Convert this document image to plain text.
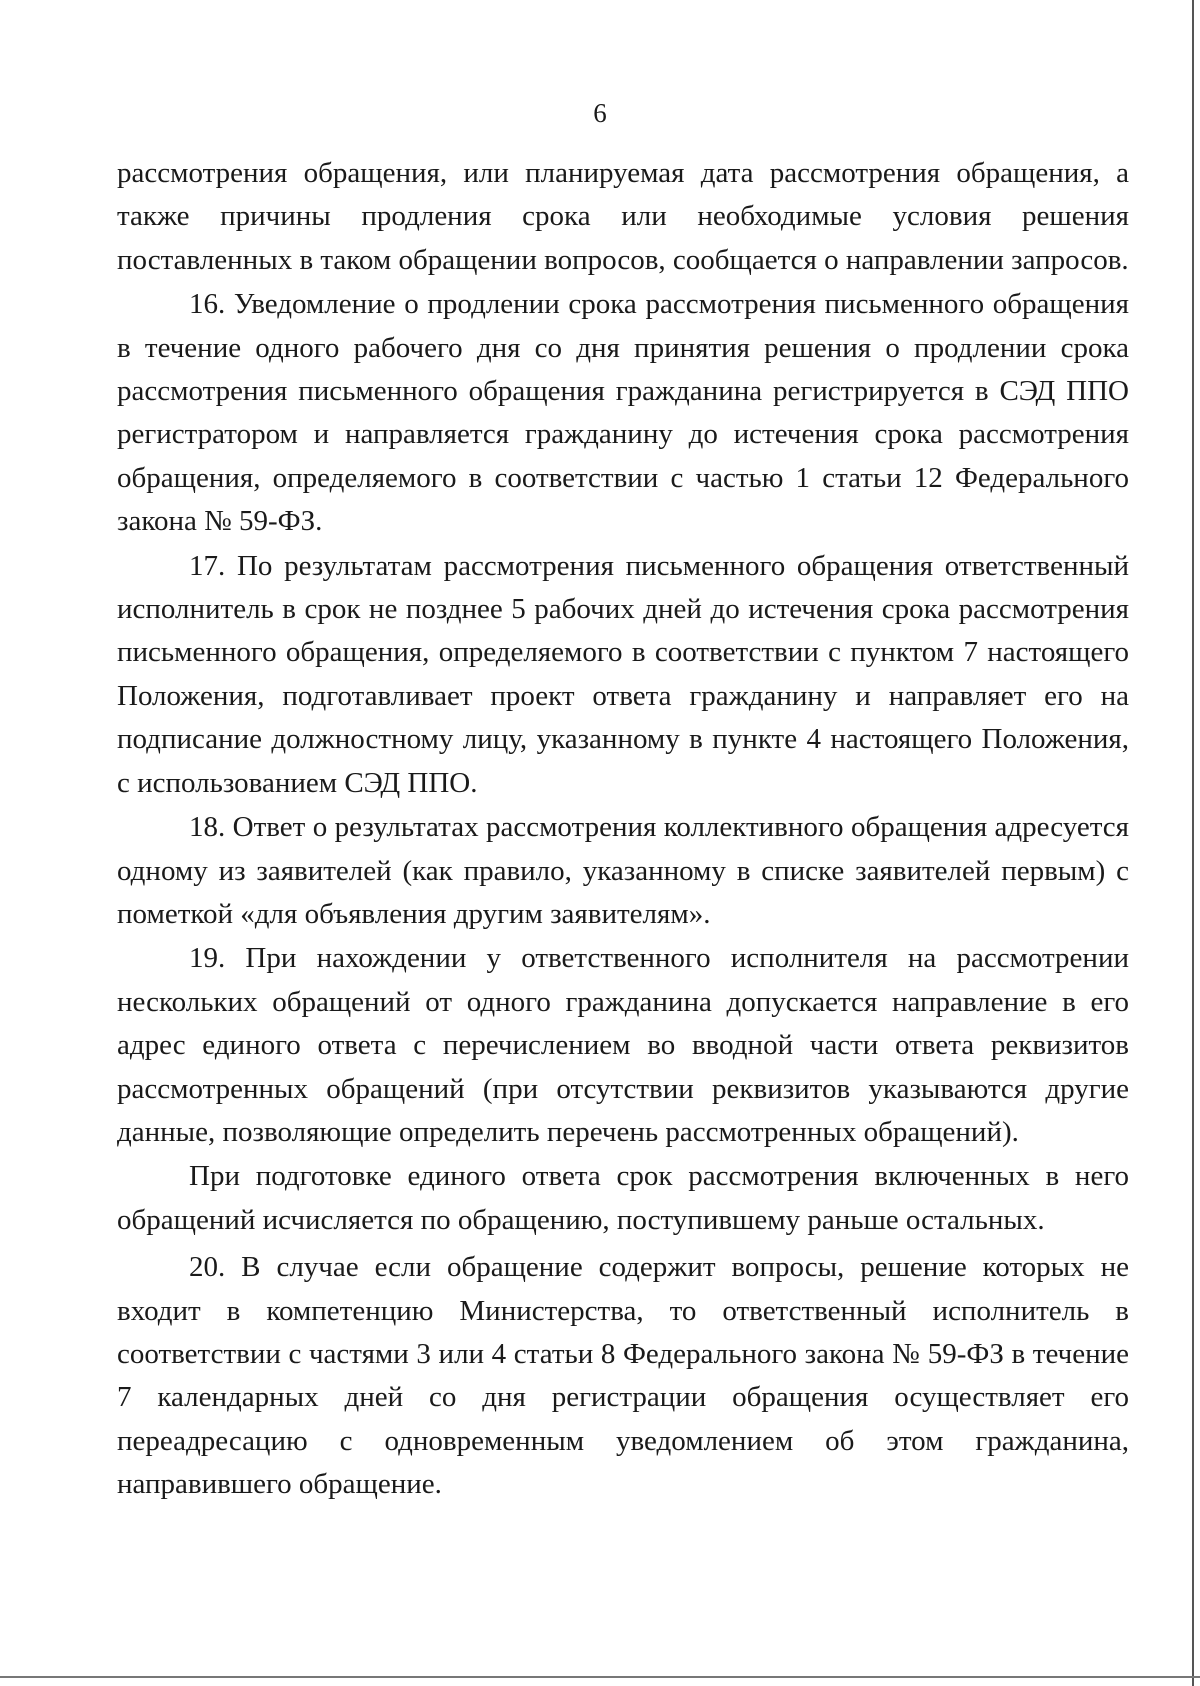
6

рассмотрения обращения, или планируемая дата рассмотрения обращения, а также причины продления срока или необходимые условия решения поставленных в таком обращении вопросов, сообщается о направлении запросов.

16. Уведомление о продлении срока рассмотрения письменного обращения в течение одного рабочего дня со дня принятия решения о продлении срока рассмотрения письменного обращения гражданина регистрируется в СЭД ППО регистратором и направляется гражданину до истечения срока рассмотрения обращения, определяемого в соответствии с частью 1 статьи 12 Федерального закона № 59-ФЗ.

17. По результатам рассмотрения письменного обращения ответственный исполнитель в срок не позднее 5 рабочих дней до истечения срока рассмотрения письменного обращения, определяемого в соответствии с пунктом 7 настоящего Положения, подготавливает проект ответа гражданину и направляет его на подписание должностному лицу, указанному в пункте 4 настоящего Положения, с использованием СЭД ППО.

18. Ответ о результатах рассмотрения коллективного обращения адресуется одному из заявителей (как правило, указанному в списке заявителей первым) с пометкой «для объявления другим заявителям».

19. При нахождении у ответственного исполнителя на рассмотрении нескольких обращений от одного гражданина допускается направление в его адрес единого ответа с перечислением во вводной части ответа реквизитов рассмотренных обращений (при отсутствии реквизитов указываются другие данные, позволяющие определить перечень рассмотренных обращений).

При подготовке единого ответа срок рассмотрения включенных в него обращений исчисляется по обращению, поступившему раньше остальных.

20. В случае если обращение содержит вопросы, решение которых не входит в компетенцию Министерства, то ответственный исполнитель в соответствии с частями 3 или 4 статьи 8 Федерального закона № 59-ФЗ в течение 7 календарных дней со дня регистрации обращения осуществляет его переадресацию с одновременным уведомлением об этом гражданина, направившего обращение.
